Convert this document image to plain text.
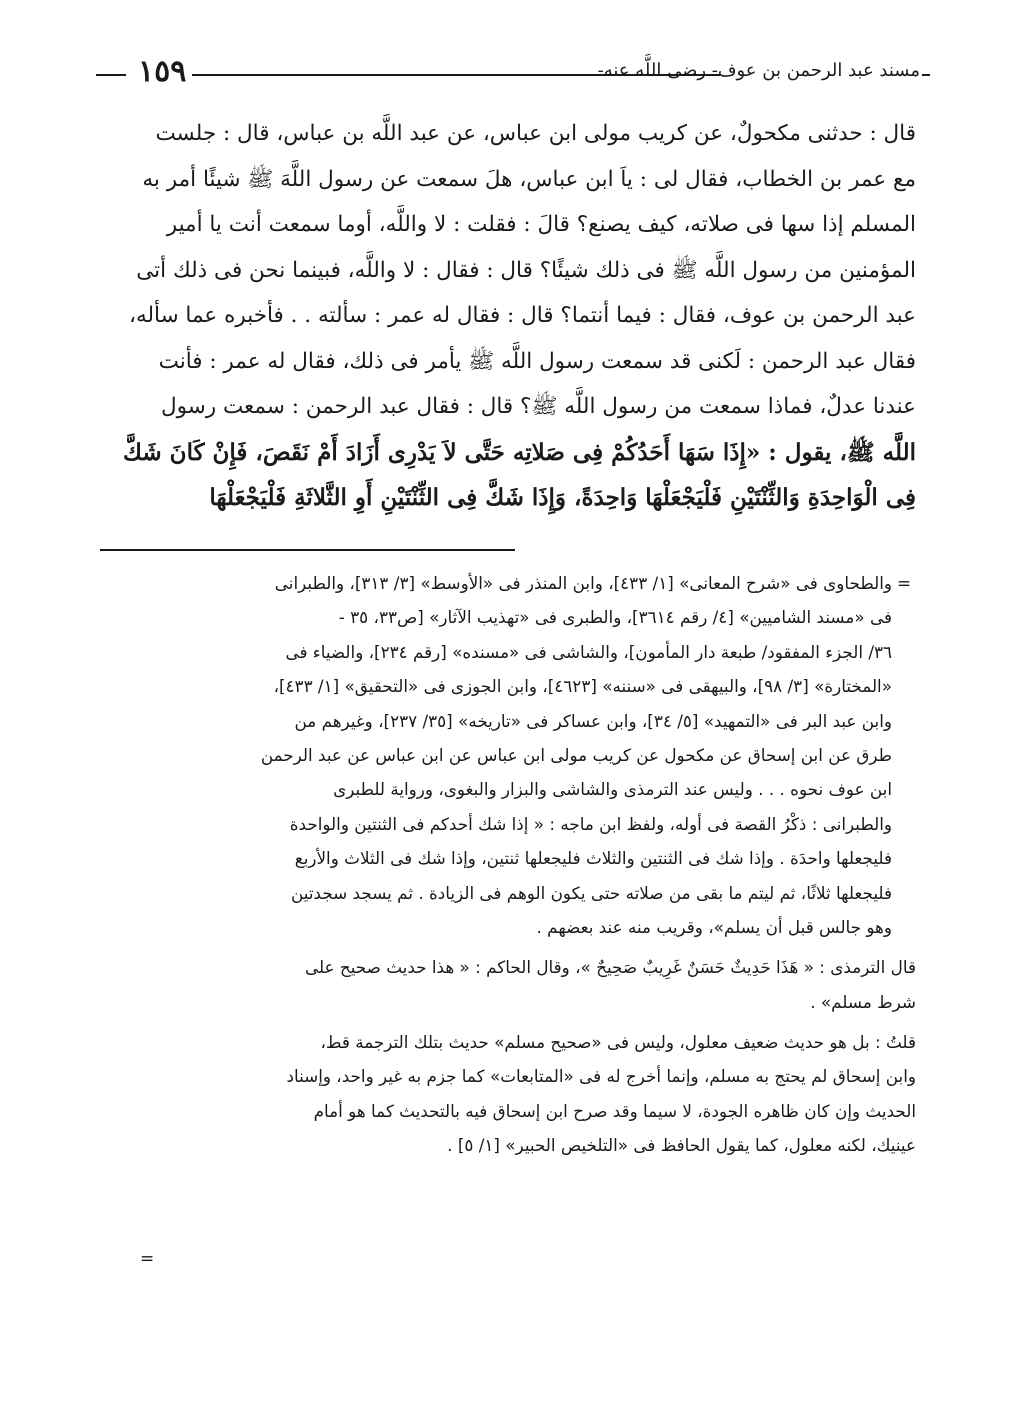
مسند عبد الرحمن بن عوف- رضى اللَّه عنه-
١٥٩
قال : حدثنى مكحولٌ، عن كريب مولى ابن عباس، عن عبد اللَّه بن عباس، قال : جلست
مع عمر بن الخطاب، فقال لى : ياَ ابن عباس، هلَ سمعت عن رسول اللَّهَ ﷺ شيئًا أمر به
المسلم إذا سها فى صلاته، كيف يصنع؟ قالَ : فقلت : لا واللَّه، أوما سمعت أنت يا أمير
المؤمنين من رسول اللَّه ﷺ فى ذلك شيئًا؟ قال : فقال : لا واللَّه، فبينما نحن فى ذلك أتى
عبد الرحمن بن عوف، فقال : فيما أنتما؟ قال : فقال له عمر : سألته . . فأخبره عما سأله،
فقال عبد الرحمن : لَكنى قد سمعت رسول اللَّه ﷺ يأمر فى ذلك، فقال له عمر : فأنت
عندنا عدلٌ، فماذا سمعت من رسول اللَّه ﷺ؟ قال : فقال عبد الرحمن : سمعت رسول
اللَّه ﷺ، يقول : «إِذَا سَهَا أَحَدُكُمْ فِى صَلاتِه حَتَّى لاَ يَدْرِى أَزَادَ أَمْ نَقَصَ، فَإِنْ كَانَ شَكَّ
فِى الْوَاحِدَةِ وَالثِّنْتَيْنِ فَلْيَجْعَلْهَا وَاحِدَةً، وَإِذَا شَكَّ فِى الثِّنْتَيْنِ أَوِ الثَّلاثَةِ فَلْيَجْعَلْهَا
=والطحاوى فى «شرح المعانى» [١/ ٤٣٣]، وابن المنذر فى «الأوسط» [٣/ ٣١٣]، والطبرانى
فى «مسند الشاميين» [٤/ رقم ٣٦١٤]، والطبرى فى «تهذيب الآثار» [ص٣٣، ٣٥ -
٣٦/ الجزء المفقود/ طبعة دار المأمون]، والشاشى فى «مسنده» [رقم ٢٣٤]، والضياء فى
«المختارة» [٣/ ٩٨]، والبيهقى فى «سننه» [٤٦٢٣]، وابن الجوزى فى «التحقيق» [١/ ٤٣٣]،
وابن عبد البر فى «التمهيد» [٥/ ٣٤]، وابن عساكر فى «تاريخه» [٣٥/ ٢٣٧]، وغيرهم من
طرق عن ابن إسحاق عن مكحول عن كريب مولى ابن عباس عن ابن عباس عن عبد الرحمن
ابن عوف نحوه . . . وليس عند الترمذى والشاشى والبزار والبغوى، ورواية للطبرى
والطبرانى : ذكْرُ القصة فى أوله، ولفظ ابن ماجه : « إذا شك أحدكم فى الثنتين والواحدة
فليجعلها واحدَة . وإذا شك فى الثنتين والثلاث فليجعلها ثنتين، وإذا شك فى الثلاث والأربع
فليجعلها ثلاثًا، ثم ليتم ما بقى من صلاته حتى يكون الوهم فى الزيادة . ثم يسجد سجدتين
وهو جالس قبل أن يسلم»، وقريب منه عند بعضهم .
قال الترمذى : « هَذَا حَدِيثٌ حَسَنٌ غَرِيبٌ صَحِيحٌ »، وقال الحاكم : « هذا حديث صحيح على
شرط مسلم» .
قلتُ : بل هو حديث ضعيف معلول، وليس فى «صحيح مسلم» حديث بتلك الترجمة قط،
وابن إسحاق لم يحتج به مسلم، وإنما أخرج له فى «المتابعات» كما جزم به غير واحد، وإسناد
الحديث وإن كان ظاهره الجودة، لا سيما وقد صرح ابن إسحاق فيه بالتحديث كما هو أمام
عينيك، لكنه معلول، كما يقول الحافظ فى «التلخيص الحبير» [١/ ٥] .
=
